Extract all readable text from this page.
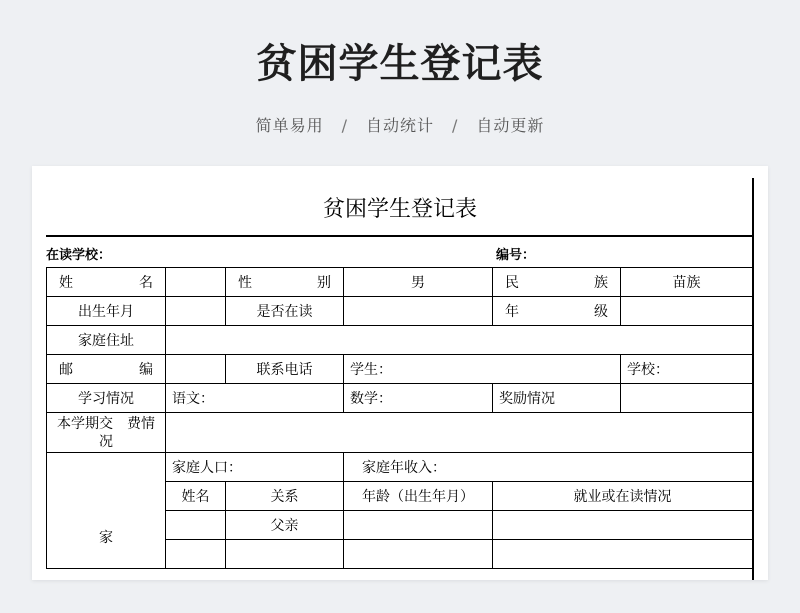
贫困学生登记表
简单易用 / 自动统计 / 自动更新
贫困学生登记表
在读学校：	编号：
姓　　名		性　　别	男	民　　族	苗族
出生年月		是否在读		年　　级	
家庭住址					
邮　　编		联系电话	学生：		学校：
学习情况	语文：		数学：	奖励情况	
本学期交　费情况					
家	家庭人口：		家庭年收入：		
	姓名	关系	年龄（出生年月）	就业或在读情况	
		父亲			
